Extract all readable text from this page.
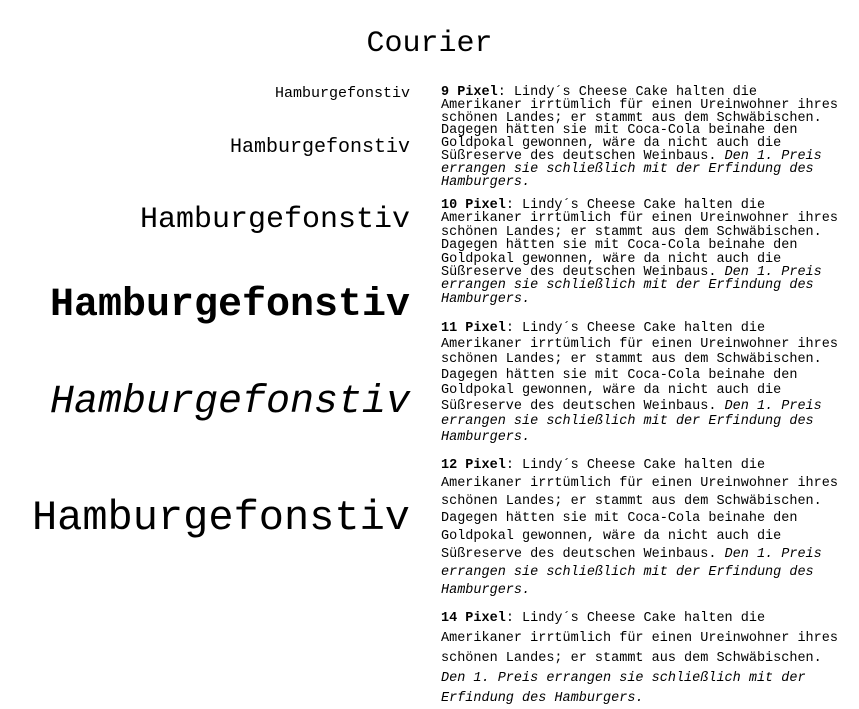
Courier
Hamburgefonstiv
Hamburgefonstiv
Hamburgefonstiv
Hamburgefonstiv
Hamburgefonstiv
Hamburgefonstiv
9 Pixel: Lindy´s Cheese Cake halten die
Amerikaner irrtümlich für einen Ureinwohner ihres
schönen Landes; er stammt aus dem Schwäbischen.
Dagegen hätten sie mit Coca-Cola beinahe den
Goldpokal gewonnen, wäre da nicht auch die
Süßreserve des deutschen Weinbaus. Den 1. Preis
errangen sie schließlich mit der Erfindung des
Hamburgers.
10 Pixel: Lindy´s Cheese Cake halten die
Amerikaner irrtümlich für einen Ureinwohner ihres
schönen Landes; er stammt aus dem Schwäbischen.
Dagegen hätten sie mit Coca-Cola beinahe den
Goldpokal gewonnen, wäre da nicht auch die
Süßreserve des deutschen Weinbaus. Den 1. Preis
errangen sie schließlich mit der Erfindung des
Hamburgers.
11 Pixel: Lindy´s Cheese Cake halten die
Amerikaner irrtümlich für einen Ureinwohner ihres
schönen Landes; er stammt aus dem Schwäbischen.
Dagegen hätten sie mit Coca-Cola beinahe den
Goldpokal gewonnen, wäre da nicht auch die
Süßreserve des deutschen Weinbaus. Den 1. Preis
errangen sie schließlich mit der Erfindung des
Hamburgers.
12 Pixel: Lindy´s Cheese Cake halten die
Amerikaner irrtümlich für einen Ureinwohner ihres
schönen Landes; er stammt aus dem Schwäbischen.
Dagegen hätten sie mit Coca-Cola beinahe den
Goldpokal gewonnen, wäre da nicht auch die
Süßreserve des deutschen Weinbaus. Den 1. Preis
errangen sie schließlich mit der Erfindung des
Hamburgers.
14 Pixel: Lindy´s Cheese Cake halten die
Amerikaner irrtümlich für einen Ureinwohner ihres
schönen Landes; er stammt aus dem Schwäbischen.
Den 1. Preis errangen sie schließlich mit der
Erfindung des Hamburgers.
